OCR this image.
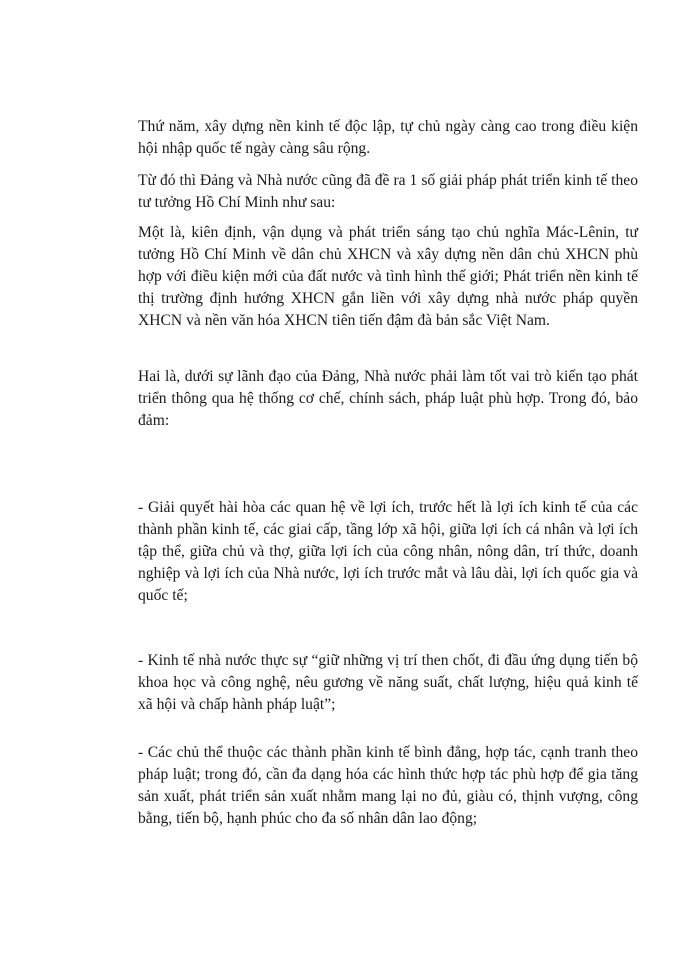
Thứ năm, xây dựng nền kinh tế độc lập, tự chủ ngày càng cao trong điều kiện hội nhập quốc tế ngày càng sâu rộng.

Từ đó thì Đảng và Nhà nước cũng đã đề ra 1 số giải pháp phát triển kinh tế theo tư tưởng Hồ Chí Minh như sau:

Một là, kiên định, vận dụng và phát triển sáng tạo chủ nghĩa Mác-Lênin, tư tưởng Hồ Chí Minh về dân chủ XHCN và xây dựng nền dân chủ XHCN phù hợp với điều kiện mới của đất nước và tình hình thế giới; Phát triển nền kinh tế thị trường định hướng XHCN gắn liền với xây dựng nhà nước pháp quyền XHCN và nền văn hóa XHCN tiên tiến đậm đà bản sắc Việt Nam.

Hai là, dưới sự lãnh đạo của Đảng, Nhà nước phải làm tốt vai trò kiến tạo phát triển thông qua hệ thống cơ chế, chính sách, pháp luật phù hợp. Trong đó, bảo đảm:

- Giải quyết hài hòa các quan hệ về lợi ích, trước hết là lợi ích kinh tế của các thành phần kinh tế, các giai cấp, tầng lớp xã hội, giữa lợi ích cá nhân và lợi ích tập thể, giữa chủ và thợ, giữa lợi ích của công nhân, nông dân, trí thức, doanh nghiệp và lợi ích của Nhà nước, lợi ích trước mắt và lâu dài, lợi ích quốc gia và quốc tế;

- Kinh tế nhà nước thực sự “giữ những vị trí then chốt, đi đầu ứng dụng tiến bộ khoa học và công nghệ, nêu gương về năng suất, chất lượng, hiệu quả kinh tế xã hội và chấp hành pháp luật”;

- Các chủ thể thuộc các thành phần kinh tế bình đẳng, hợp tác, cạnh tranh theo pháp luật; trong đó, cần đa dạng hóa các hình thức hợp tác phù hợp để gia tăng sản xuất, phát triển sản xuất nhằm mang lại no đủ, giàu có, thịnh vượng, công bằng, tiến bộ, hạnh phúc cho đa số nhân dân lao động;
